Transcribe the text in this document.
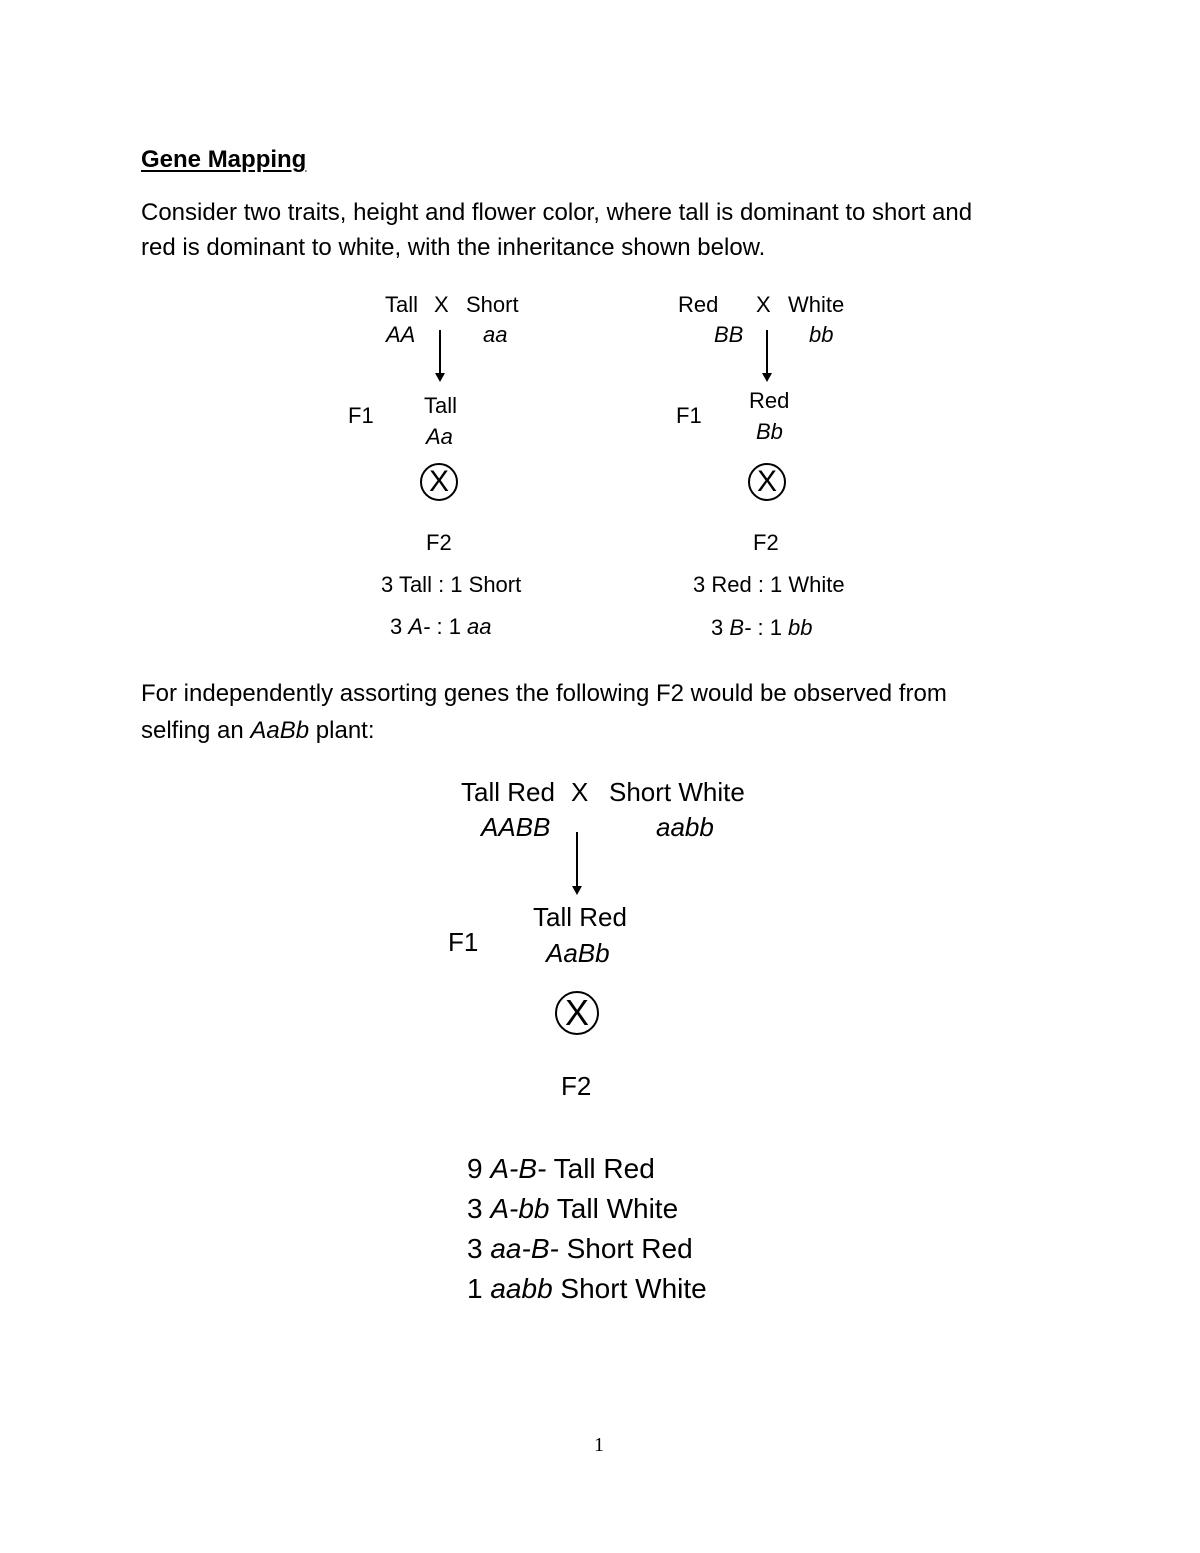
Gene Mapping
Consider two traits, height and flower color, where tall is dominant to short and
red is dominant to white, with the inheritance shown below.
Tall X Short
AA	aa
F1 Tall
Aa
X
F2
3 Tall : 1 Short
3 A- : 1 aa
Red X White
BB	bb
F1
Red
Bb
X
F2
3 Red : 1 White
3 B- : 1 bb
For independently assorting genes the following F2 would be observed from
selfing an AaBb plant:
Tall Red X Short White
AABB	aabb
F1
Tall Red
AaBb
X
F2
9 A-B- Tall Red
3 A-bb Tall White
3 aa-B- Short Red
1 aabb Short White
1
